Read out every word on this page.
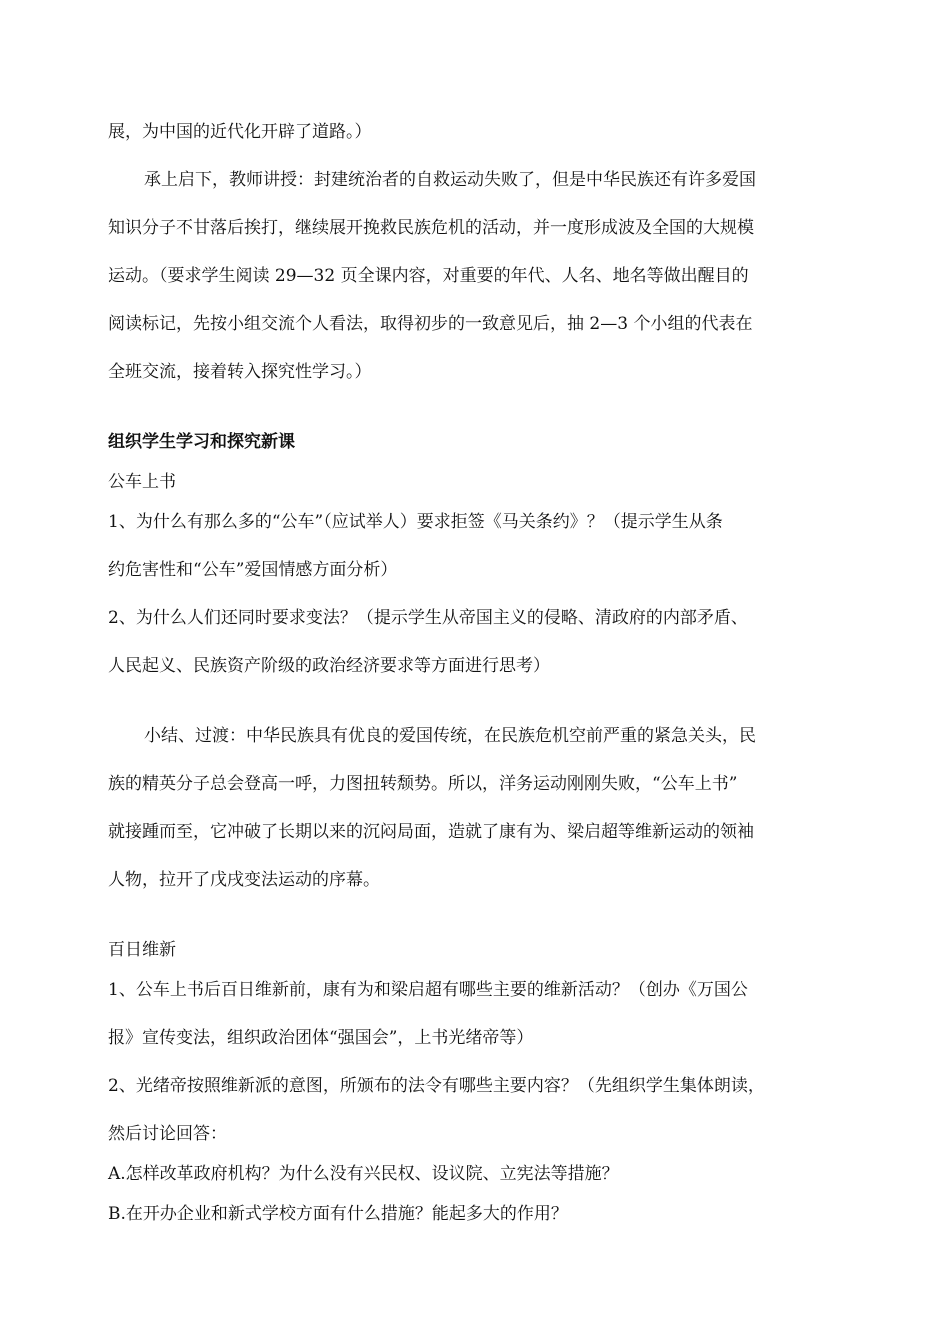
展，为中国的近代化开辟了道路。）
承上启下，教师讲授：封建统治者的自救运动失败了，但是中华民族还有许多爱国
知识分子不甘落后挨打，继续展开挽救民族危机的活动，并一度形成波及全国的大规模
运动。（要求学生阅读 29—32 页全课内容，对重要的年代、人名、地名等做出醒目的
阅读标记，先按小组交流个人看法，取得初步的一致意见后，抽 2—3 个小组的代表在
全班交流，接着转入探究性学习。）
组织学生学习和探究新课
公车上书
1、为什么有那么多的“公车”（应试举人）要求拒签《马关条约》？（提示学生从条
约危害性和“公车”爱国情感方面分析）
2、为什么人们还同时要求变法？（提示学生从帝国主义的侵略、清政府的内部矛盾、
人民起义、民族资产阶级的政治经济要求等方面进行思考）
小结、过渡：中华民族具有优良的爱国传统，在民族危机空前严重的紧急关头，民
族的精英分子总会登高一呼，力图扭转颓势。所以，洋务运动刚刚失败，“公车上书”
就接踵而至，它冲破了长期以来的沉闷局面，造就了康有为、梁启超等维新运动的领袖
人物，拉开了戊戌变法运动的序幕。
百日维新
1、公车上书后百日维新前，康有为和梁启超有哪些主要的维新活动？（创办《万国公
报》宣传变法，组织政治团体“强国会”，上书光绪帝等）
2、光绪帝按照维新派的意图，所颁布的法令有哪些主要内容？（先组织学生集体朗读，
然后讨论回答：
A.怎样改革政府机构？为什么没有兴民权、设议院、立宪法等措施？
B.在开办企业和新式学校方面有什么措施？能起多大的作用？
